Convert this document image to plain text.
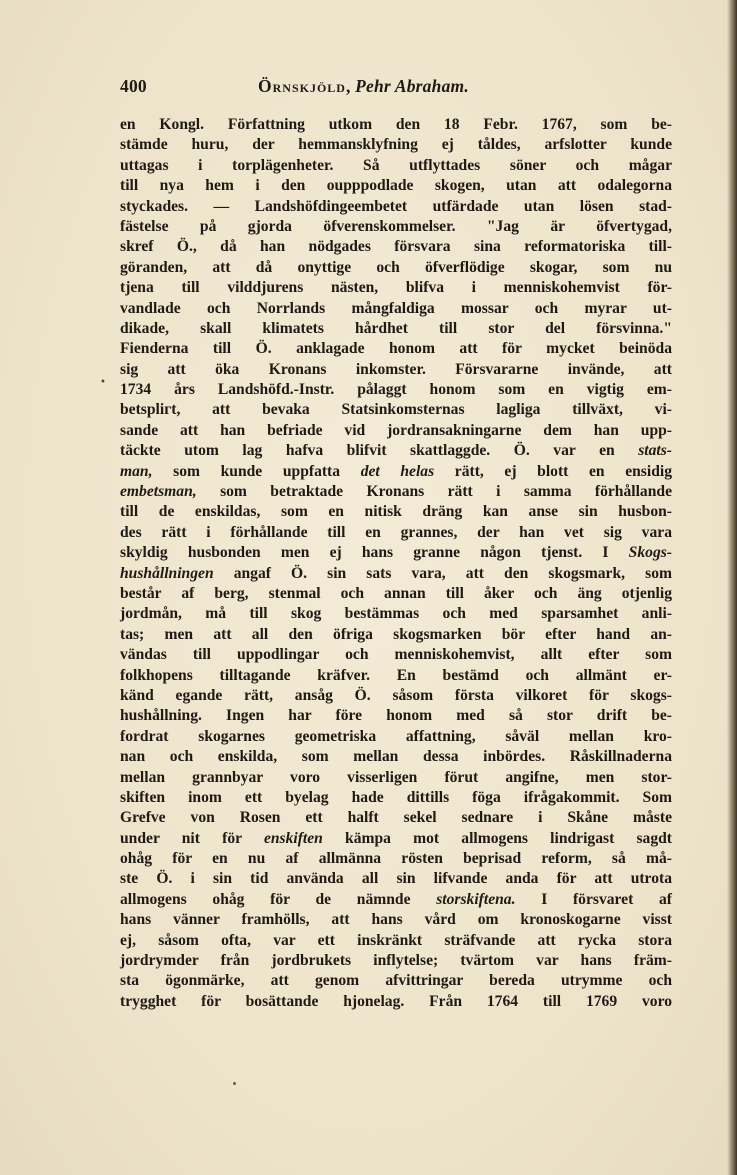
400	Örnskjöld, Pehr Abraham.
•
en Kongl. Författning utkom den 18 Febr. 1767, som be-
stämde huru, der hemmansklyfning ej tåldes, arfslotter kunde
uttagas i torplägenheter. Så utflyttades söner och mågar
till nya hem i den oupppodlade skogen, utan att odalegorna
styckades. — Landshöfdingeembetet utfärdade utan lösen stad-
fästelse på gjorda öfverenskommelser. "Jag är öfvertygad,
skref Ö., då han nödgades försvara sina reformatoriska till-
göranden, att då onyttige och öfverflödige skogar, som nu
tjena till vilddjurens nästen, blifva i menniskohemvist för-
vandlade och Norrlands mångfaldiga mossar och myrar ut-
dikade, skall klimatets hårdhet till stor del försvinna."
Fienderna till Ö. anklagade honom att för mycket beinöda
sig att öka Kronans inkomster. Försvararne invände, att
1734 års Landshöfd.-Instr. pålaggt honom som en vigtig em-
betsplігt, att bevaka Statsinkomsternas lagliga tillväxt, vi-
sande att han befriade vid jordransakningarne dem han upp-
täckte utom lag hafva blifvit skattlaggde. Ö. var en stats-
man, som kunde uppfatta det helas rätt, ej blott en ensidig
embetsman, som betraktade Kronans rätt i samma förhållande
till de enskildas, som en nitisk dräng kan anse sin husbon-
des rätt i förhållande till en grannes, der han vet sig vara
skyldig husbonden men ej hans granne någon tjenst. I Skogs-
hushållningen angaf Ö. sin sats vara, att den skogsmark, som
består af berg, stenmal och annan till åker och äng otjenlig
jordmån, må till skog bestämmas och med sparsamhet anli-
tas; men att all den öfriga skogsmarken bör efter hand an-
vändas till uppodlingar och menniskohemvist, allt efter som
folkhopens tilltagande kräfver. En bestämd och allmänt er-
känd egande rätt, ansåg Ö. såsom första vilkoret för skogs-
hushållning. Ingen har före honom med så stor drift be-
fordrat skogarnes geometriska affattning, såväl mellan kro-
nan och enskilda, som mellan dessa inbördes. Råskillnaderna
mellan grannbyar voro visserligen förut angifne, men stor-
skiften inom ett byelag hade dittills föga ifrågakommit. Som
Grefve von Rosen ett halft sekel sednare i Skåne måste
under nit för enskiften kämpa mot allmogens lindrigast sagdt
ohåg för en nu af allmänna rösten beprisad reform, så må-
ste Ö. i sin tid använda all sin lifvande anda för att utrota
allmogens ohåg för de nämnde storskiftena. I försvaret af
hans vänner framhölls, att hans vård om kronoskogarne visst
ej, såsom ofta, var ett inskränkt sträfvande att rycka stora
jordrymder från jordbrukets inflytelse; tvärtom var hans främ-
sta ögonmärke, att genom afvittringar bereda utrymme och
trygghet för bosättande hjonelag. Från 1764 till 1769 voro
